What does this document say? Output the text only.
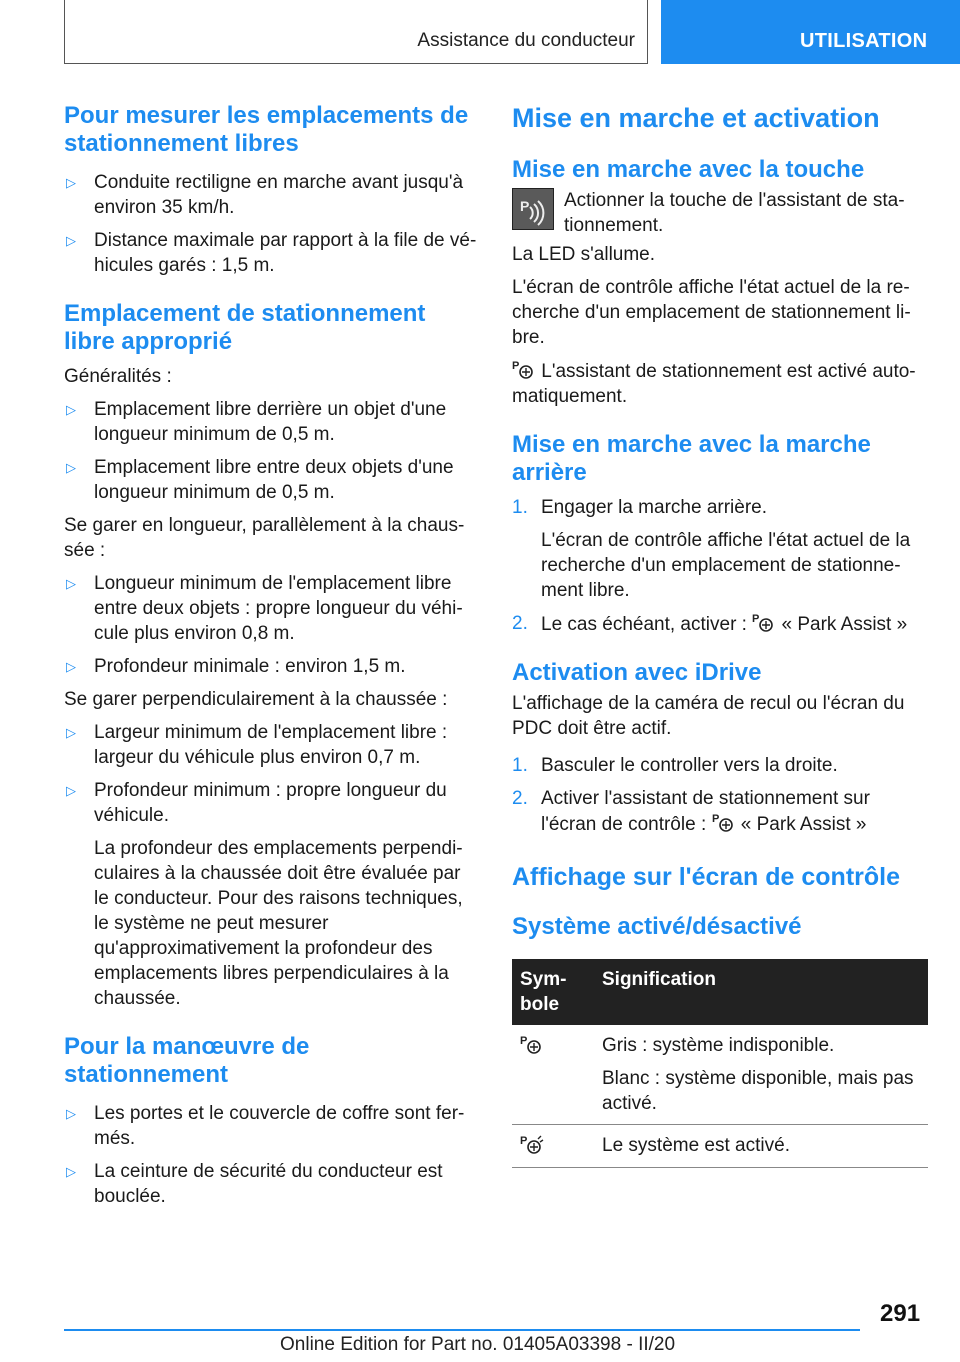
Assistance du conducteur	UTILISATION
Pour mesurer les emplacements de stationnement libres
▷ Conduite rectiligne en marche avant jusqu'à environ 35 km/h.
▷ Distance maximale par rapport à la file de véhicules garés : 1,5 m.
Emplacement de stationnement libre approprié

Généralités :

▷ Emplacement libre derrière un objet d'une longueur minimum de 0,5 m.
▷ Emplacement libre entre deux objets d'une longueur minimum de 0,5 m.

Se garer en longueur, parallèlement à la chaussée :

▷ Longueur minimum de l'emplacement libre entre deux objets : propre longueur du véhicule plus environ 0,8 m.
▷ Profondeur minimale : environ 1,5 m.

Se garer perpendiculairement à la chaussée :

▷ Largeur minimum de l'emplacement libre : largeur du véhicule plus environ 0,7 m.
▷ Profondeur minimum : propre longueur du véhicule.

La profondeur des emplacements perpendiculaires à la chaussée doit être évaluée par le conducteur. Pour des raisons techniques, le système ne peut mesurer qu'approximativement la profondeur des emplacements libres perpendiculaires à la chaussée.

Pour la manœuvre de stationnement
▷ Les portes et le couvercle de coffre sont fermés.
▷ La ceinture de sécurité du conducteur est bouclée.
Mise en marche et activation
Mise en marche avec la touche
P Actionner la touche de l'assistant de stationnement.

La LED s'allume.

L'écran de contrôle affiche l'état actuel de la recherche d'un emplacement de stationnement libre.

P L'assistant de stationnement est activé automatiquement.

Mise en marche avec la marche arrière
1. Engager la marche arrière.

L'écran de contrôle affiche l'état actuel de la recherche d'un emplacement de stationnement libre.

2. Le cas échéant, activer : P « Park Assist »
Activation avec iDrive

L'affichage de la caméra de recul ou l'écran du PDC doit être actif.

1. Basculer le controller vers la droite.
2. Activer l'assistant de stationnement sur l'écran de contrôle : P « Park Assist »
Affichage sur l'écran de contrôle
Système activé/désactivé
Symbole	Signification

P	Gris : système indisponible.
Blanc : système disponible, mais pas activé.

P	Le système est activé.
291
Online Edition for Part no. 01405A03398 - II/20
